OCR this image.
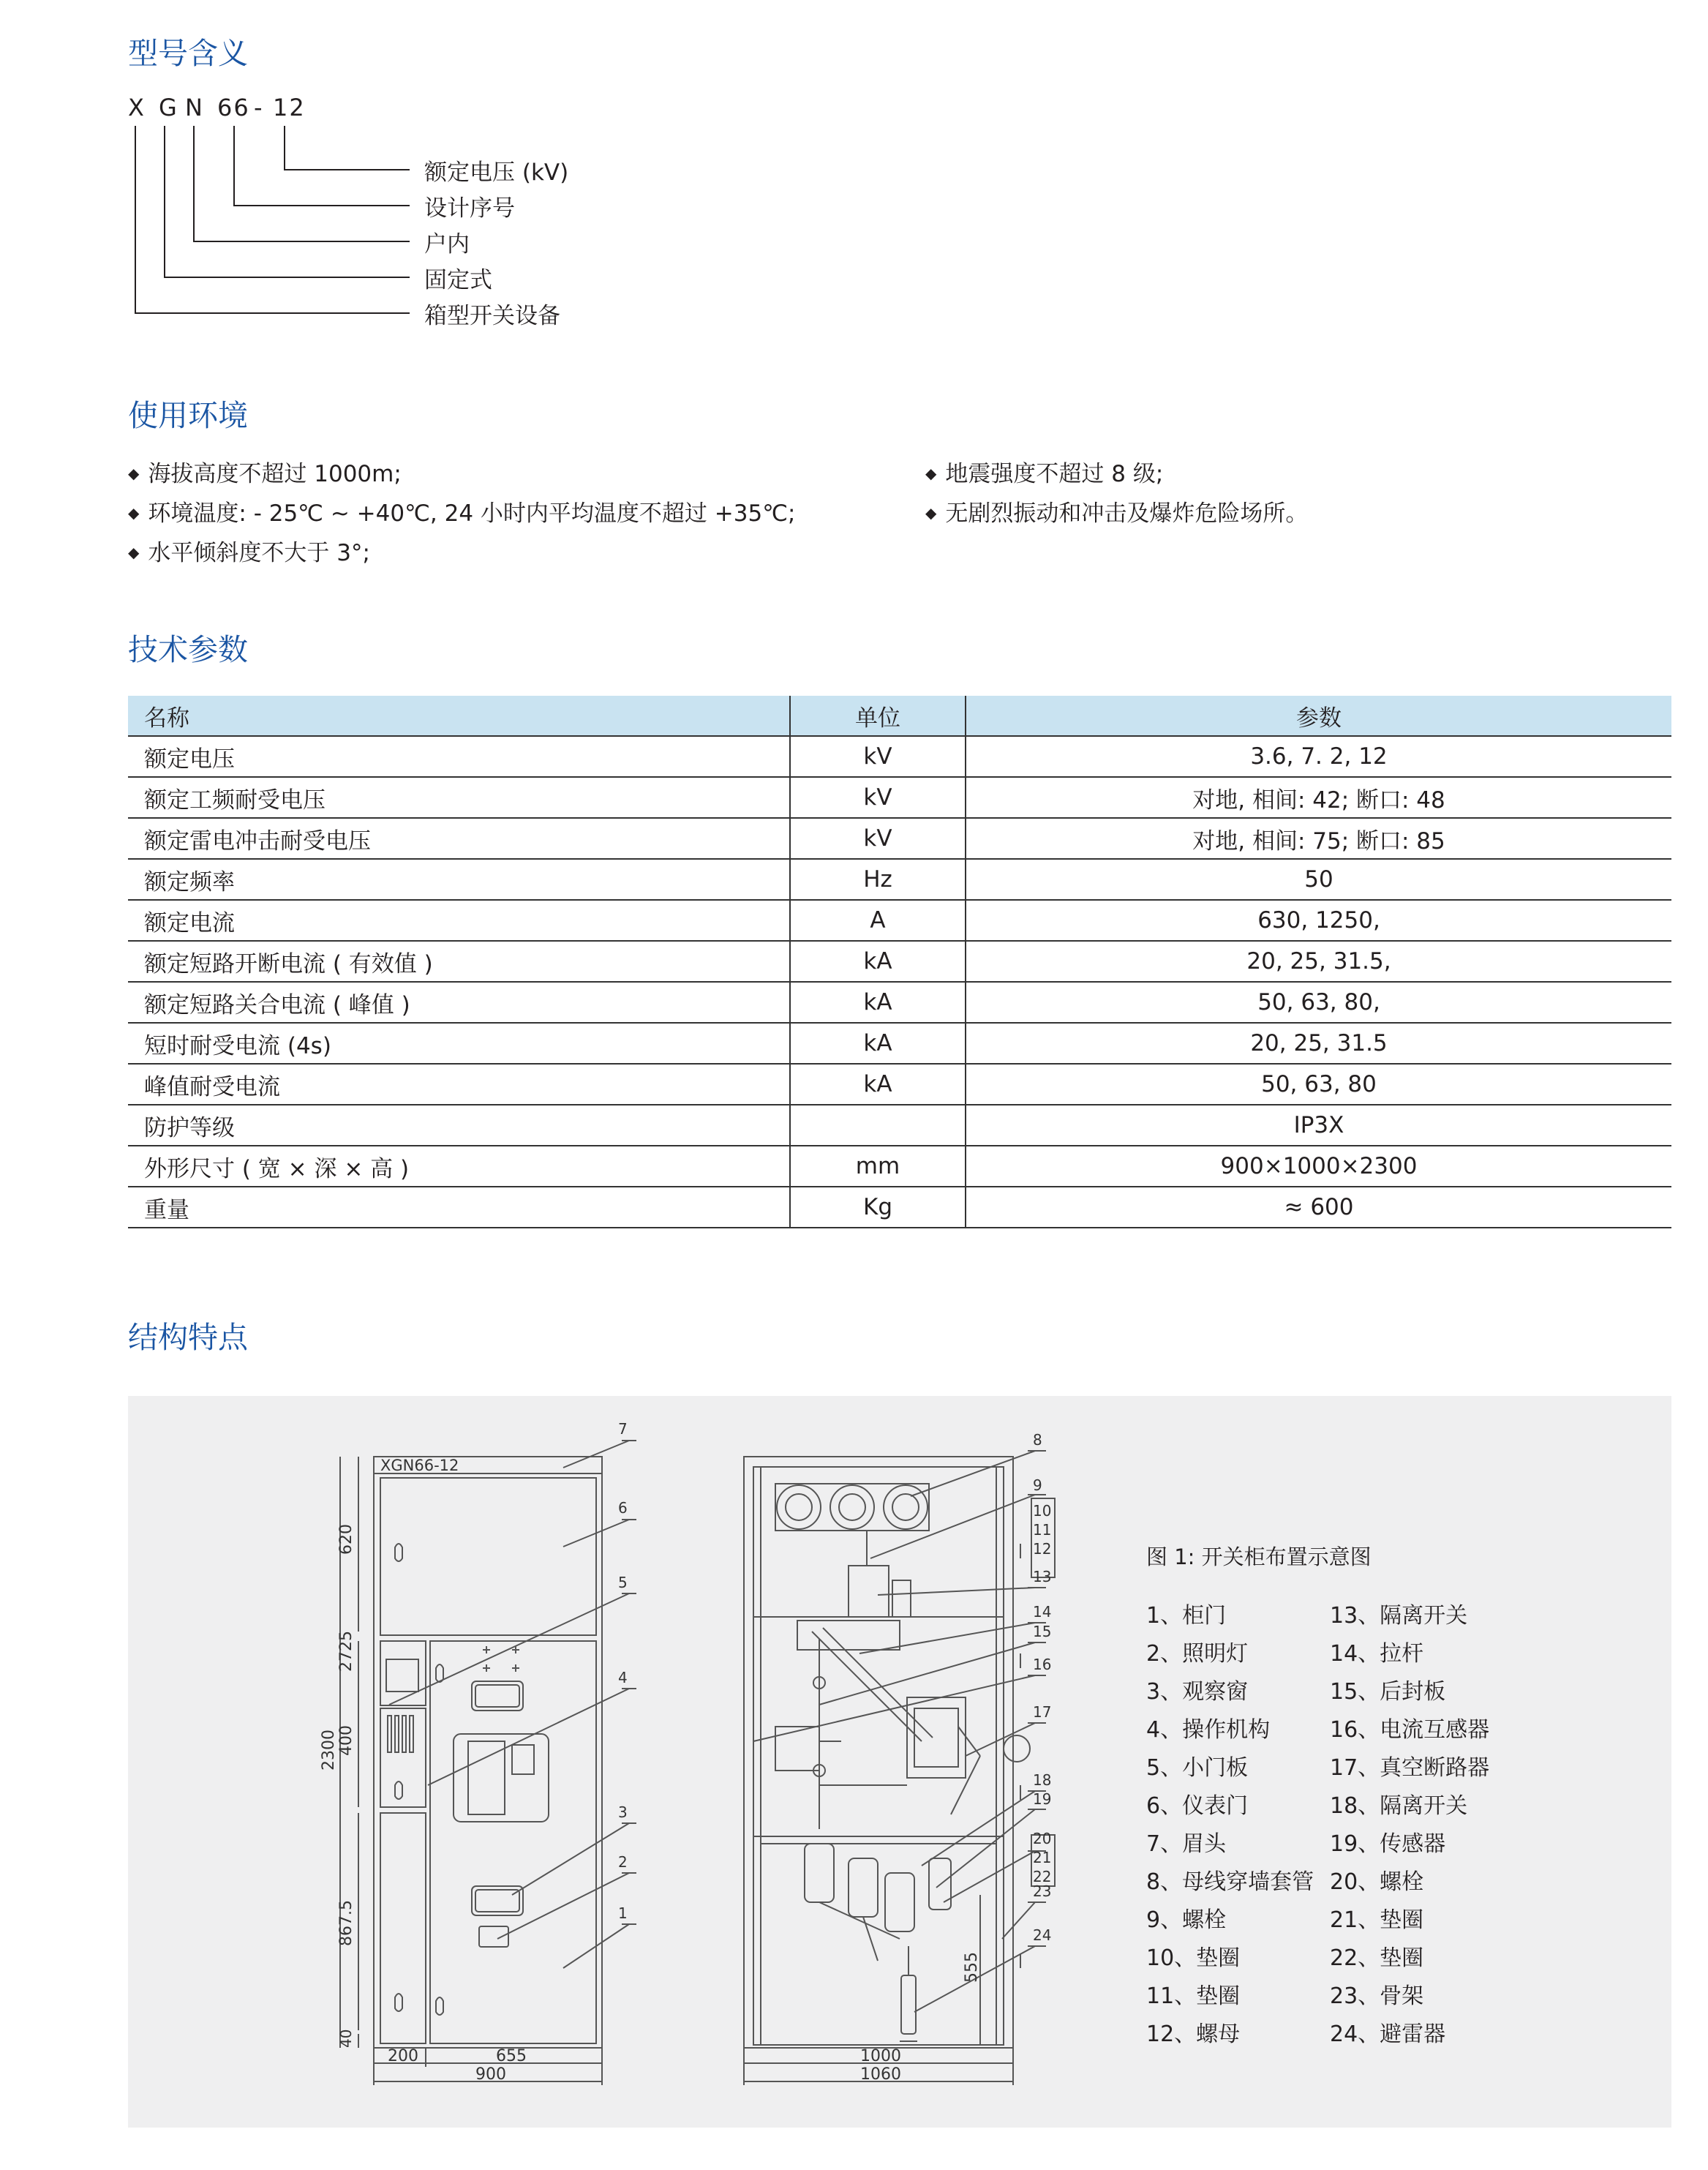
型号含义
X G N 66 - 12
额定电压 (kV)
设计序号
户内
固定式
箱型开关设备
使用环境
◆ 海拔高度不超过 1000m;
◆ 环境温度: - 25℃ ~ +40℃, 24 小时内平均温度不超过 +35℃;
◆ 水平倾斜度不大于 3°;
◆ 地震强度不超过 8 级;
◆ 无剧烈振动和冲击及爆炸危险场所。
技术参数
名称	单位	参数
额定电压	kV	3.6, 7. 2, 12
额定工频耐受电压	kV	对地, 相间: 42; 断口: 48
额定雷电冲击耐受电压	kV	对地, 相间: 75; 断口: 85
额定频率	Hz	50
额定电流	A	630, 1250,
额定短路开断电流 ( 有效值 )	kA	20, 25, 31.5,
额定短路关合电流 ( 峰值 )	kA	50, 63, 80,
短时耐受电流 (4s)	kA	20, 25, 31.5
峰值耐受电流	kA	50, 63, 80
防护等级		IP3X
外形尺寸 ( 宽 × 深 × 高 )	mm	900×1000×2300
重量	Kg	≈ 600
结构特点
XGN66-12
620
2725
400
2300
867.5
40
200	655
900
1000
1060
555
7
6
5
4
3
2
1
8
9
10
11
12
13
14
15
16
17
18
19
20
21
22
23
24
图 1: 开关柜布置示意图
1、柜门
2、照明灯
3、观察窗
4、操作机构
5、小门板
6、仪表门
7、眉头
8、母线穿墙套管
9、螺栓
10、垫圈
11、垫圈
12、螺母
13、隔离开关
14、拉杆
15、后封板
16、电流互感器
17、真空断路器
18、隔离开关
19、传感器
20、螺栓
21、垫圈
22、垫圈
23、骨架
24、避雷器
